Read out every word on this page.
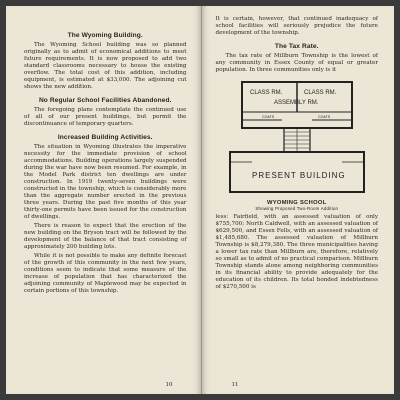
The Wyoming Building.

The Wyoming School building was so planned originally as to admit of economical additions to meet future requirements. It is now proposed to add two standard classrooms necessary to house the existing overflow. The total cost of this addition, including equipment, is estimated at $33,000. The adjoining cut shows the new addition.

No Regular School Facilities Abandoned.

The foregoing plans contemplate the continued use of all of our present buildings, but permit the discontinuance of temporary quarters.

Increased Building Activities.

The situation in Wyoming illustrates the imperative necessity for the immediate provision of school accommodations. Building operations largely suspended during the war have now been resumed. For example, in the Model Park district ten dwellings are under construction. In 1919 twenty-seven buildings were constructed in the township, which is considerably more than the aggregate number erected in the previous three years. During the past five months of this year thirty-one permits have been issued for the construction of dwellings.

There is reason to expect that the erection of the new building on the Bryson tract will be followed by the development of the balance of that tract consisting of approximately 200 building lots.

While it is not possible to make any definite forecast of the growth of this community in the next few years, conditions seem to indicate that some measure of the increase of population that has characterized the adjoining community of Maplewood may be expected in certain portions of this township.

10

It is certain, however, that continued inadequacy of school facilities will seriously prejudice the future development of the township.

The Tax Rate.

The tax rate of Millburn Township is the lowest of any community in Essex County of equal or greater population. In three communities only is it

CLASS RM.	CLASS RM.
ASSEMBLY RM.
COATS	COATS
PRESENT BUILDING
WYOMING SCHOOL
Showing Proposed Two-Room Addition

less: Fairfield, with an assessed valuation of only $755,700; North Caldwell, with an assessed valuation of $629,500, and Essex Fells, with an assessed valuation of $1,485,680. The assessed valuation of Millburn Township is $8,279,380. The three municipalities having a lower tax rate than Millburn are, therefore, relatively so small as to admit of no practical comparison. Millburn Township stands alone among neighboring communities in its financial ability to provide adequately for the education of its children. Its total bonded indebtedness of $270,500 is

11
